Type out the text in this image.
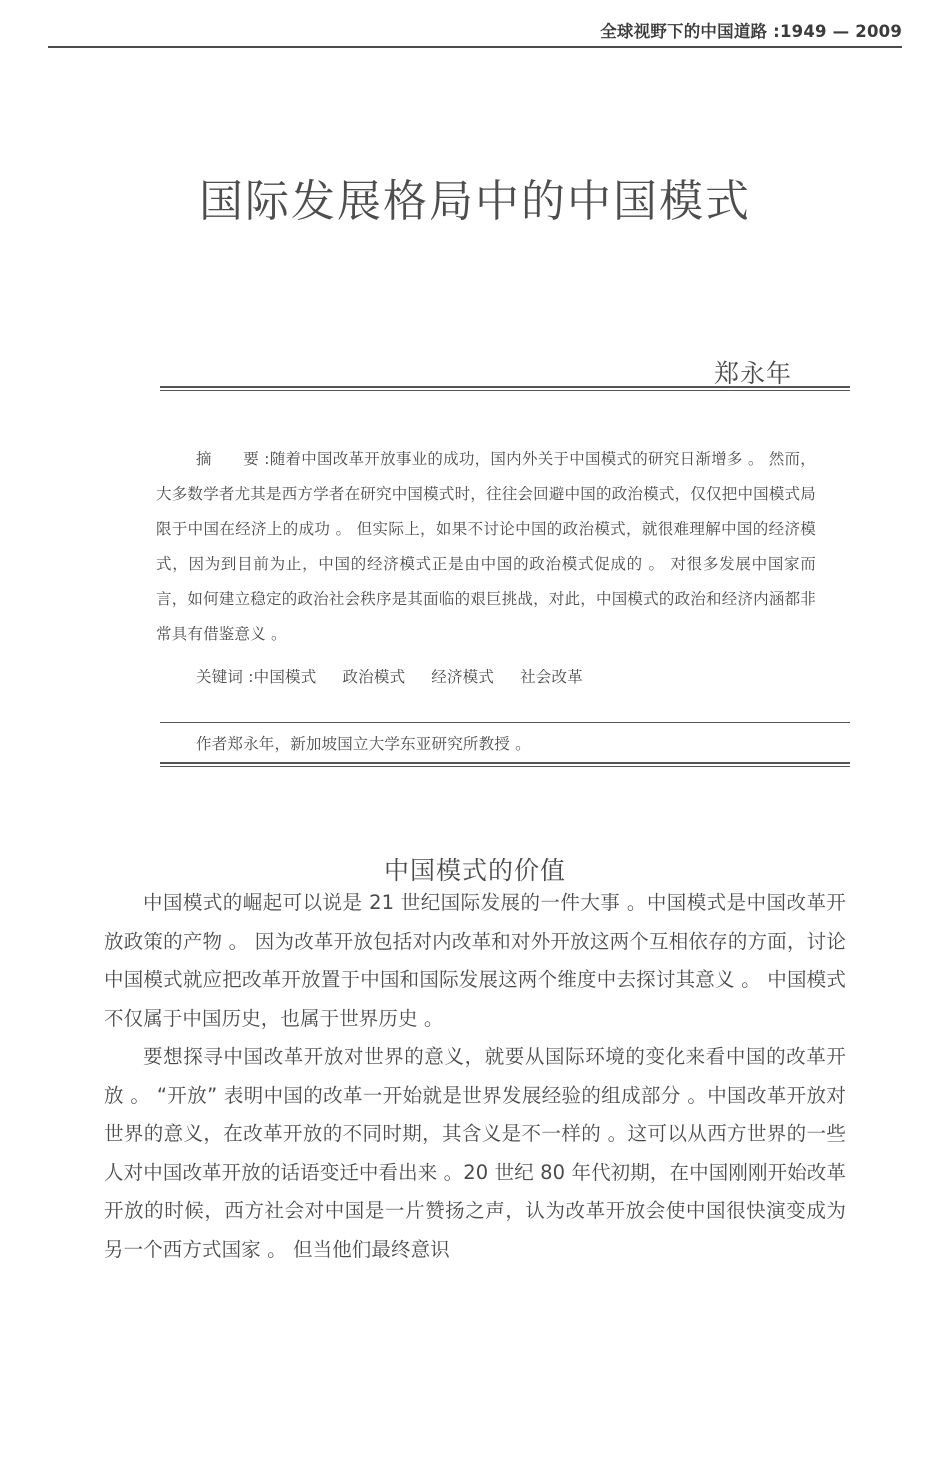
全球视野下的中国道路 :1949 — 2009
国际发展格局中的中国模式
郑永年

摘　　要 :随着中国改革开放事业的成功，国内外关于中国模式的研究日渐增多 。 然而，大多数学者尤其是西方学者在研究中国模式时，往往会回避中国的政治模式，仅仅把中国模式局限于中国在经济上的成功 。 但实际上，如果不讨论中国的政治模式，就很难理解中国的经济模式，因为到目前为止，中国的经济模式正是由中国的政治模式促成的 。 对很多发展中国家而言，如何建立稳定的政治社会秩序是其面临的艰巨挑战，对此，中国模式的政治和经济内涵都非常具有借鉴意义 。

关键词 :中国模式 政治模式 经济模式 社会改革
作者郑永年，新加坡国立大学东亚研究所教授 。
中国模式的价值

中国模式的崛起可以说是 21 世纪国际发展的一件大事 。中国模式是中国改革开放政策的产物 。 因为改革开放包括对内改革和对外开放这两个互相依存的方面，讨论中国模式就应把改革开放置于中国和国际发展这两个维度中去探讨其意义 。 中国模式不仅属于中国历史，也属于世界历史 。

要想探寻中国改革开放对世界的意义，就要从国际环境的变化来看中国的改革开放 。 “开放” 表明中国的改革一开始就是世界发展经验的组成部分 。中国改革开放对世界的意义，在改革开放的不同时期，其含义是不一样的 。这可以从西方世界的一些人对中国改革开放的话语变迁中看出来 。20 世纪 80 年代初期，在中国刚刚开始改革开放的时候，西方社会对中国是一片赞扬之声，认为改革开放会使中国很快演变成为另一个西方式国家 。 但当他们最终意识
